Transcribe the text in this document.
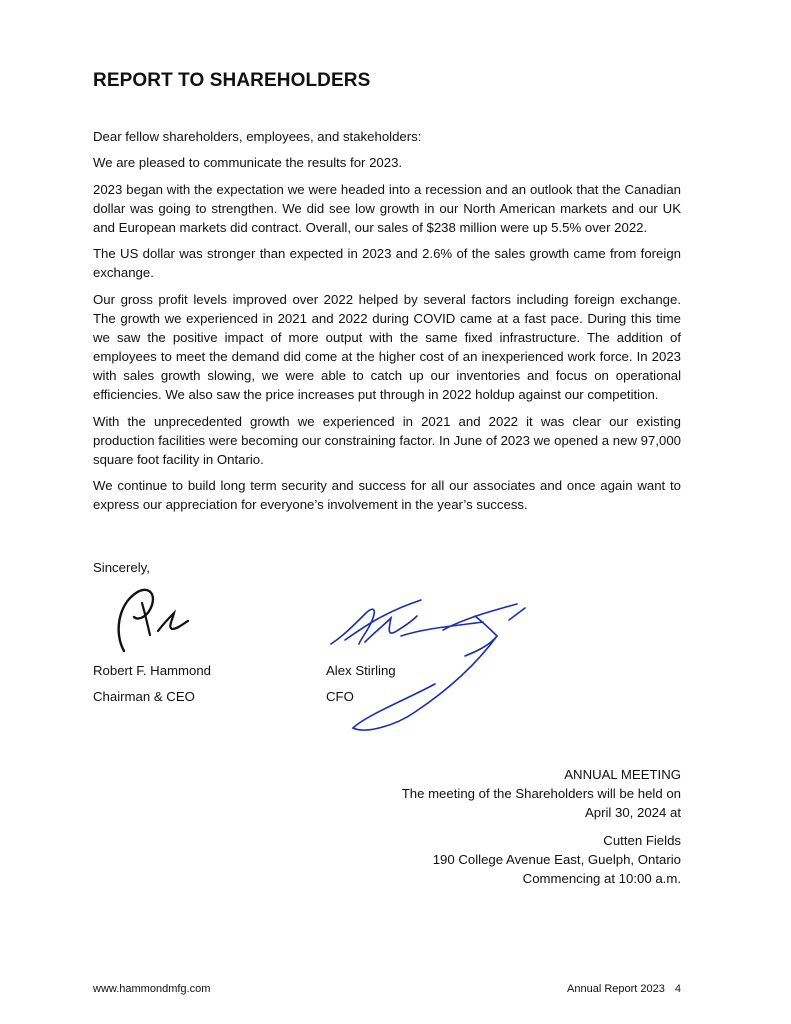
REPORT TO SHAREHOLDERS

Dear fellow shareholders, employees, and stakeholders:

We are pleased to communicate the results for 2023.

2023 began with the expectation we were headed into a recession and an outlook that the Canadian dollar was going to strengthen. We did see low growth in our North American markets and our UK and European markets did contract. Overall, our sales of $238 million were up 5.5% over 2022.

The US dollar was stronger than expected in 2023 and 2.6% of the sales growth came from foreign exchange.

Our gross profit levels improved over 2022 helped by several factors including foreign exchange. The growth we experienced in 2021 and 2022 during COVID came at a fast pace. During this time we saw the positive impact of more output with the same fixed infrastructure. The addition of employees to meet the demand did come at the higher cost of an inexperienced work force. In 2023 with sales growth slowing, we were able to catch up our inventories and focus on operational efficiencies. We also saw the price increases put through in 2022 holdup against our competition.

With the unprecedented growth we experienced in 2021 and 2022 it was clear our existing production facilities were becoming our constraining factor. In June of 2023 we opened a new 97,000 square foot facility in Ontario.

We continue to build long term security and success for all our associates and once again want to express our appreciation for everyone’s involvement in the year’s success.

Sincerely,
Robert F. Hammond
Chairman & CEO
Alex Stirling
CFO
ANNUAL MEETING
The meeting of the Shareholders will be held on
April 30, 2024 at
Cutten Fields
190 College Avenue East, Guelph, Ontario
Commencing at 10:00 a.m.
www.hammondmfg.com	Annual Report 2023 4
